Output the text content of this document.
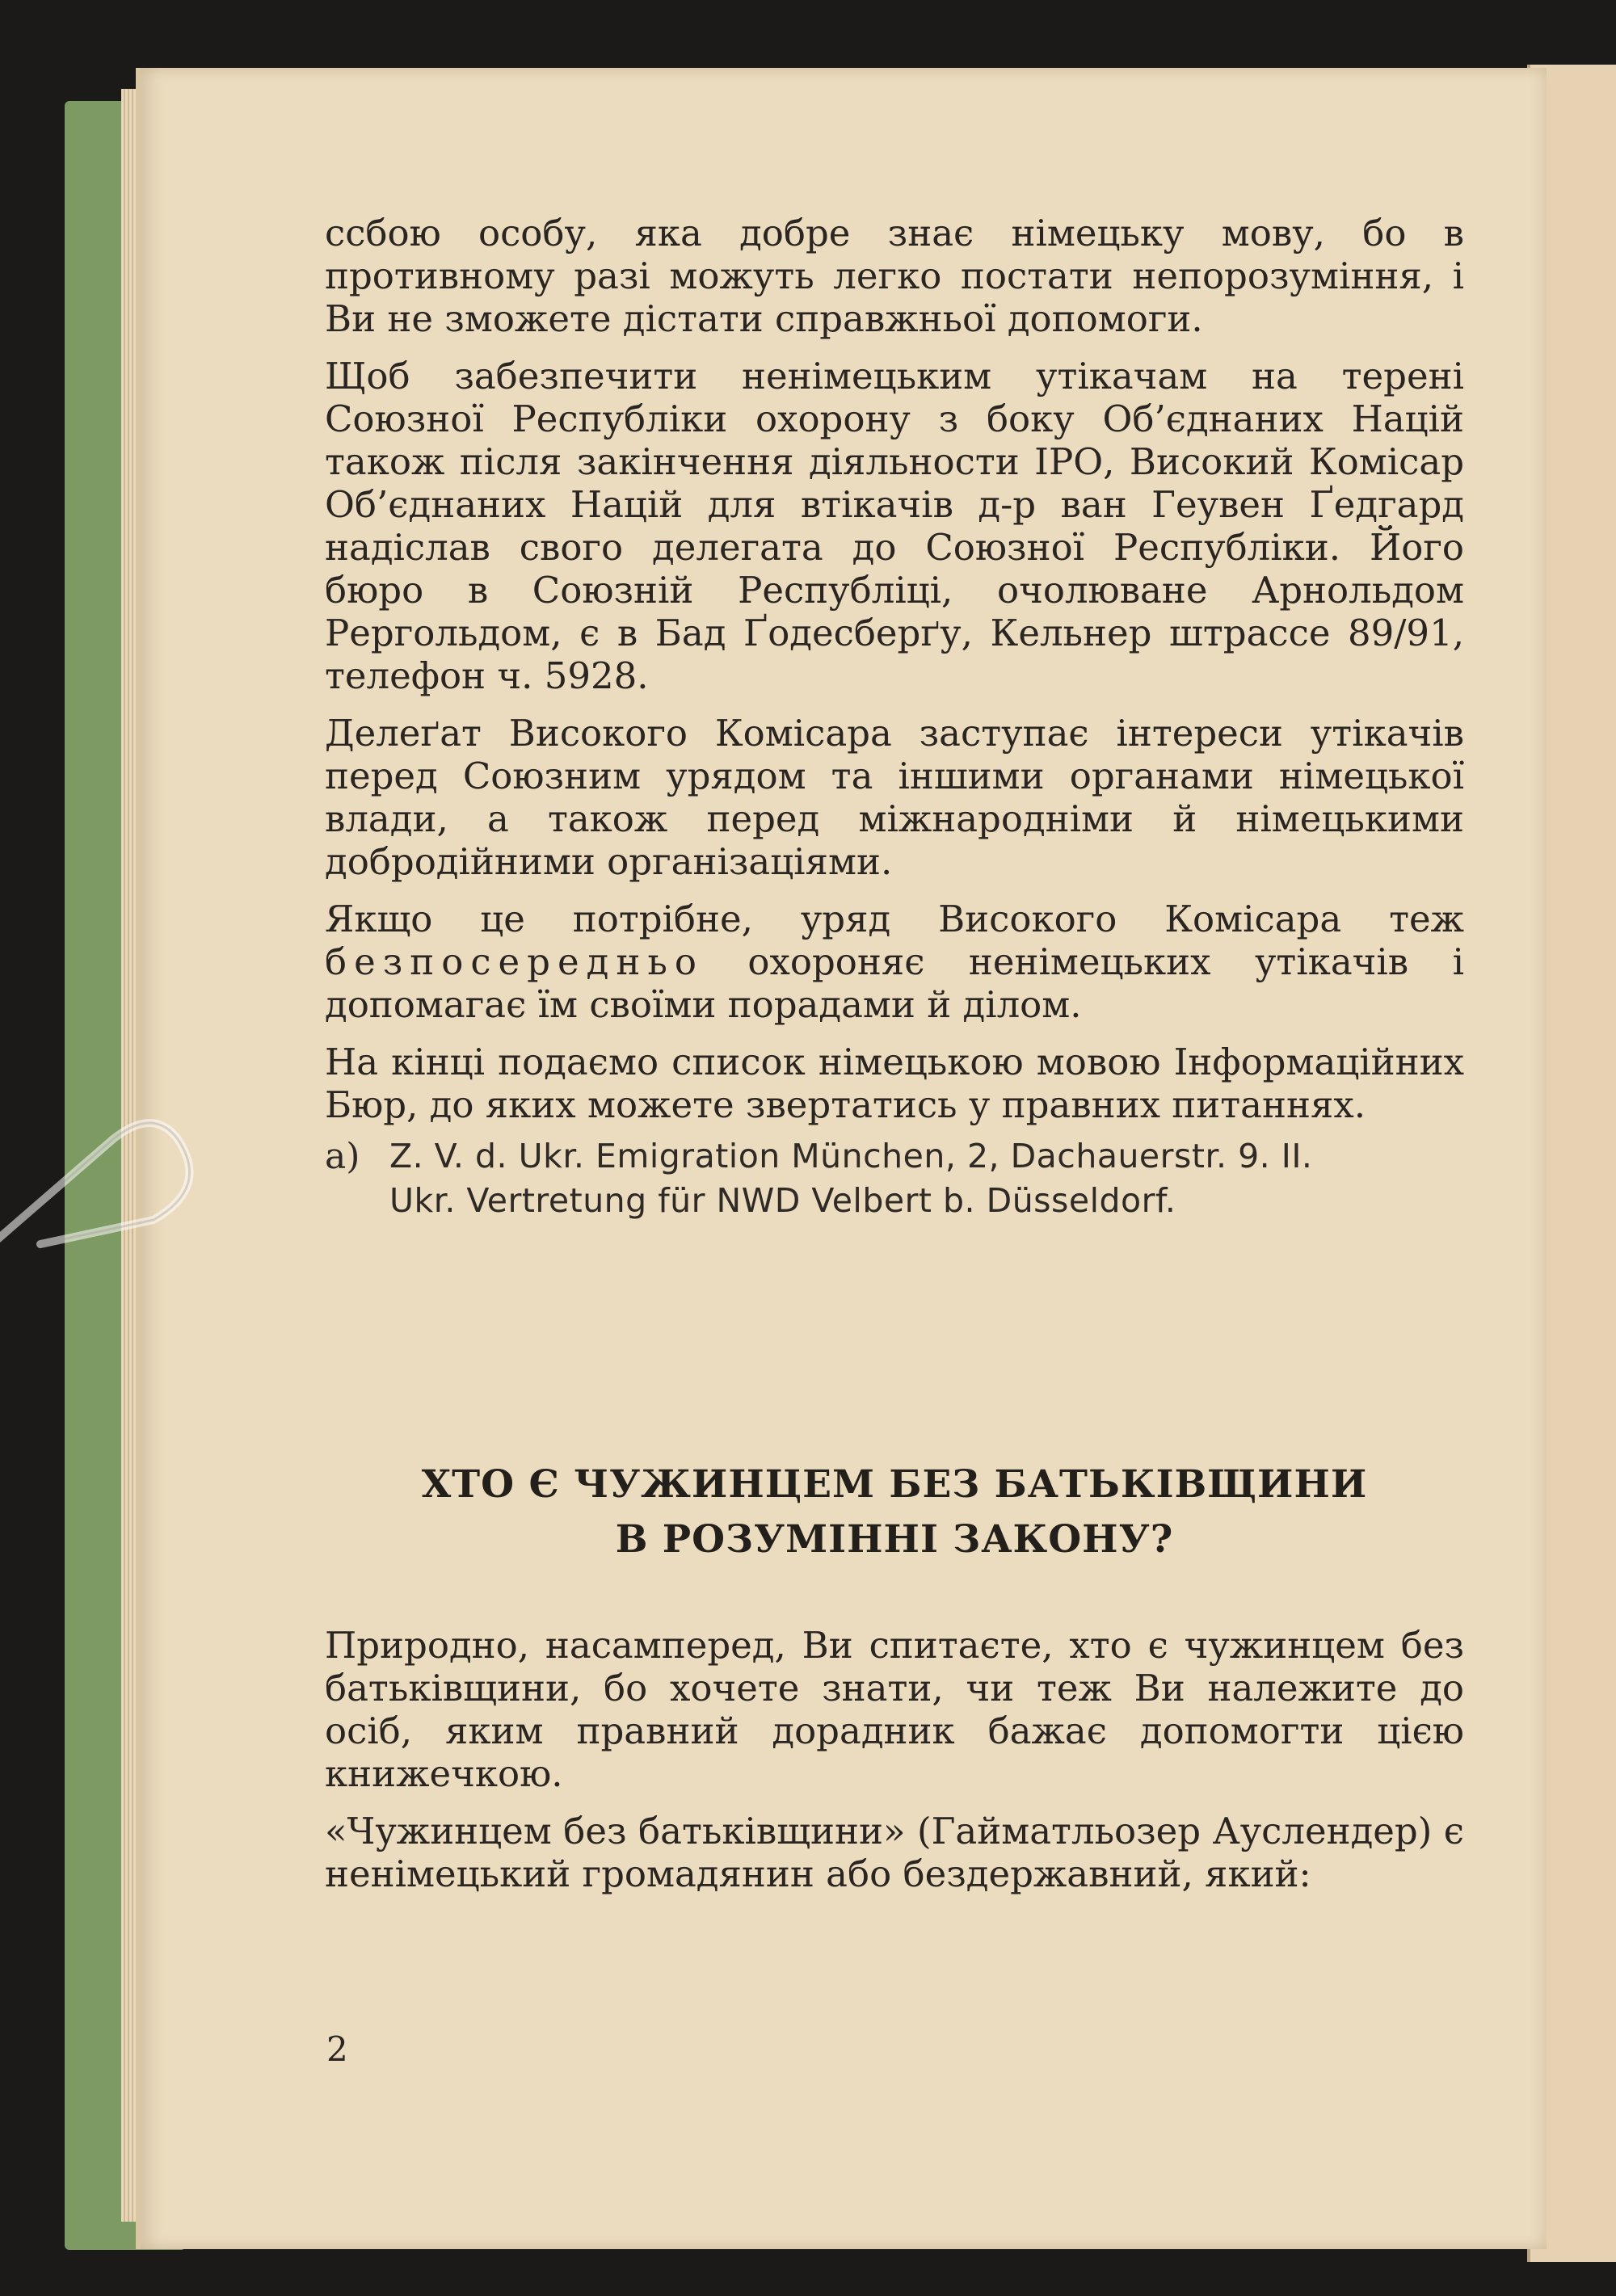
ссбою особу, яка добре знає німецьку мову, бо в противному разі можуть легко постати непорозуміння, і Ви не зможете дістати справжньої допомоги.

Щоб забезпечити ненімецьким утікачам на терені Союзної Республіки охорону з боку Об’єднаних Націй також після закінчення діяльности ІРО, Високий Комісар Об’єднаних Націй для втікачів д-р ван Геувен Ґедгард надіслав свого делегата до Союзної Республіки. Його бюро в Союзній Республіці, очолюване Арнольдом Рергольдом, є в Бад Ґодесберґу, Кельнер штрассе 89/91, телефон ч. 5928.

Делеґат Високого Комісара заступає інтереси утікачів перед Союзним урядом та іншими органами німецької влади, а також перед міжнародніми й німецькими добродійними організаціями.

Якщо це потрібне, уряд Високого Комісара теж безпосередньо охороняє ненімецьких утікачів і допомагає їм своїми порадами й ділом.

На кінці подаємо список німецькою мовою Інформаційних Бюр, до яких можете звертатись у правних питаннях.

a) Z. V. d. Ukr. Emigration München, 2, Dachauerstr. 9. II.
Ukr. Vertretung für NWD Velbert b. Düsseldorf.
ХТО Є ЧУЖИНЦЕМ БЕЗ БАТЬКІВЩИНИ
В РОЗУМІННІ ЗАКОНУ?

Природно, насамперед, Ви спитаєте, хто є чужинцем без батьківщини, бо хочете знати, чи теж Ви належите до осіб, яким правний дорадник бажає допомогти цією книжечкою.

«Чужинцем без батьківщини» (Гайматльозер Ауслендер) є ненімецький громадянин або бездержавний, який:

2
